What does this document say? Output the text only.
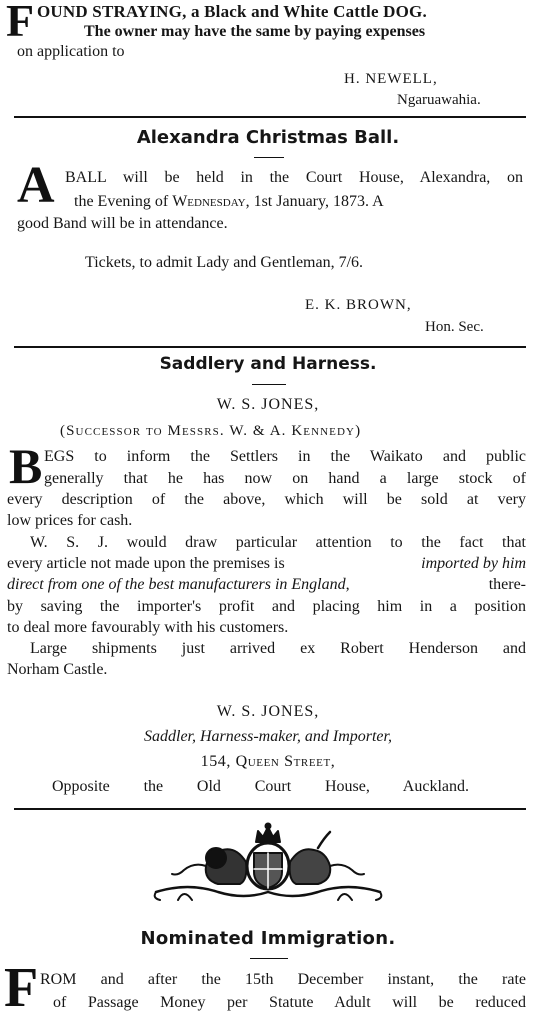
F OUND STRAYING, a Black and White Cattle DOG.
The owner may have the same by paying expenses
on application to
H. NEWELL,
Ngaruawahia.
Alexandra Christmas Ball.
A BALL will be held in the Court House, Alexandra, on
the Evening of Wednesday, 1st January, 1873. A
good Band will be in attendance.
Tickets, to admit Lady and Gentleman, 7/6.
E. K. BROWN,
Hon. Sec.
Saddlery and Harness.
W. S. JONES,
(Successor to Messrs. W. & A. Kennedy)
B EGS to inform the Settlers in the Waikato and public
generally that he has now on hand a large stock of
every description of the above, which will be sold at very
low prices for cash.
W. S. J. would draw particular attention to the fact that
every article not made upon the premises is	imported by him
direct from one of the best manufacturers in England,	there-
by saving the importer's profit and placing him in a position
to deal more favourably with his customers.
Large shipments just arrived ex Robert Henderson and
Norham Castle.
W. S. JONES,
Saddler, Harness-maker, and Importer,
154, Queen Street,
Opposite the Old Court House, Auckland.
Nominated Immigration.
F ROM and after the 15th December instant, the rate
of Passage Money per Statute Adult will be reduced
